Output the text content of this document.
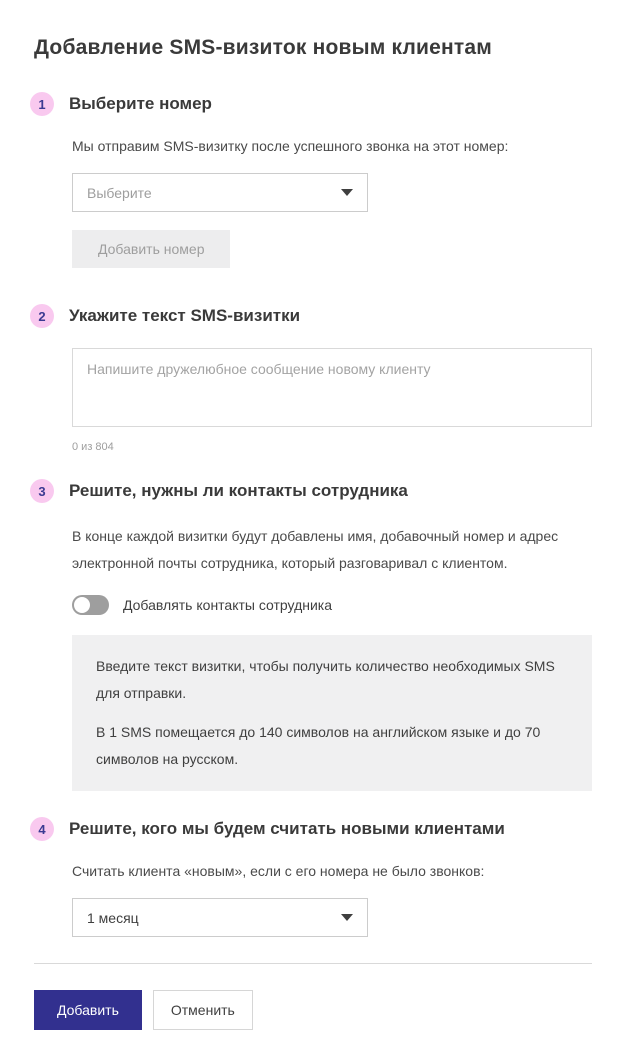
Добавление SMS-визиток новым клиентам
1	Выберите номер

Мы отправим SMS-визитку после успешного звонка на этот номер:

Выберите
Добавить номер
2	Укажите текст SMS-визитки
Напишите дружелюбное сообщение новому клиенту
0 из 804
3	Решите, нужны ли контакты сотрудника

В конце каждой визитки будут добавлены имя, добавочный номер и адрес электронной почты сотрудника, который разговаривал с клиентом.

Добавлять контакты сотрудника

Введите текст визитки, чтобы получить количество необходимых SMS для отправки.

В 1 SMS помещается до 140 символов на английском языке и до 70 символов на русском.

4	Решите, кого мы будем считать новыми клиентами

Считать клиента «новым», если с его номера не было звонков:

1 месяц
Добавить	Отменить
